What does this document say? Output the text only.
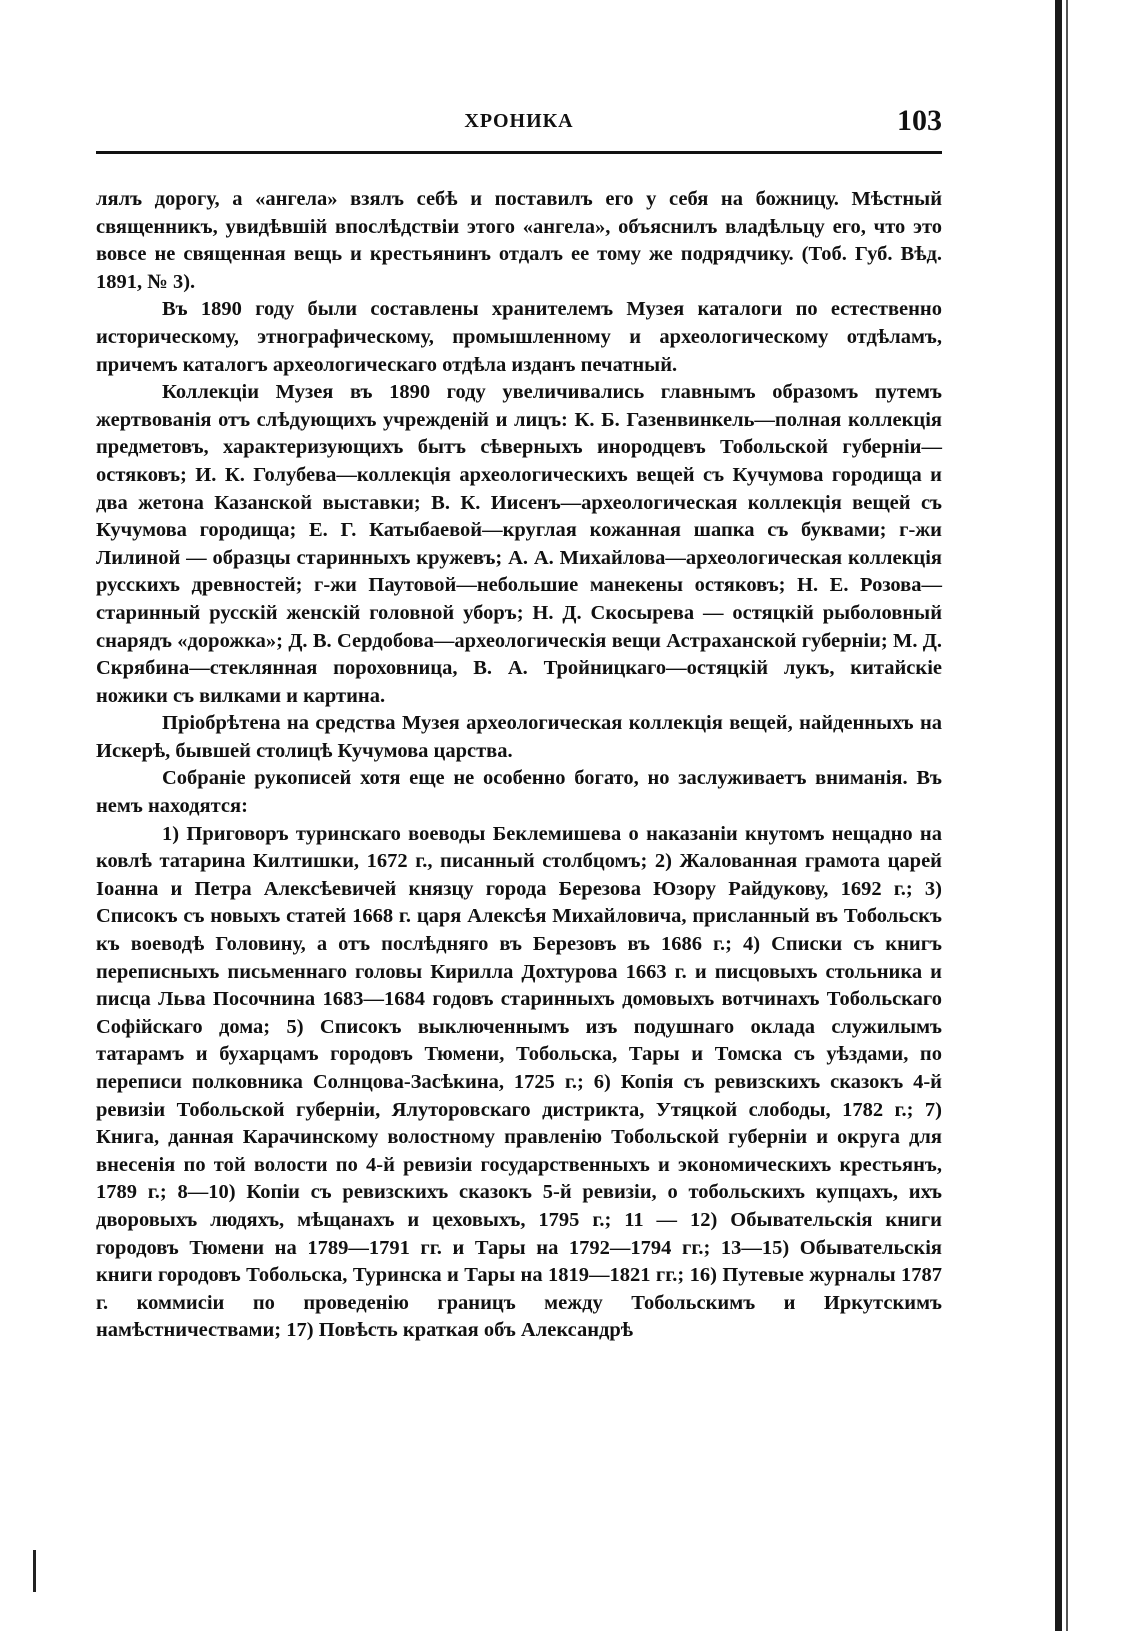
ХРОНИКА	103

лялъ дорогу, а «ангела» взялъ себѣ и поставилъ его у себя на божницу. Мѣстный священникъ, увидѣвшій впослѣдствіи этого «ангела», объяснилъ владѣльцу его, что это вовсе не священная вещь и крестьянинъ отдалъ ее тому же подрядчику. (Тоб. Губ. Вѣд. 1891, № 3).

Въ 1890 году были составлены хранителемъ Музея каталоги по естественно историческому, этнографическому, промышленному и археологическому отдѣламъ, причемъ каталогъ археологическаго отдѣла изданъ печатный.

Коллекціи Музея въ 1890 году увеличивались главнымъ образомъ путемъ жертвованія отъ слѣдующихъ учрежденій и лицъ: К. Б. Газенвинкель—полная коллекція предметовъ, характеризующихъ бытъ сѣверныхъ инородцевъ Тобольской губерніи—остяковъ; И. К. Голубева—коллекція археологическихъ вещей съ Кучумова городища и два жетона Казанской выставки; В. К. Иисенъ—археологическая коллекція вещей съ Кучумова городища; Е. Г. Катыбаевой—круглая кожанная шапка съ буквами; г-жи Лилиной — образцы старинныхъ кружевъ; А. А. Михайлова—археологическая коллекція русскихъ древностей; г-жи Паутовой—небольшие манекены остяковъ; Н. Е. Розова—старинный русскій женскій головной уборъ; Н. Д. Скосырева — остяцкій рыболовный снарядъ «дорожка»; Д. В. Сердобова—археологическія вещи Астраханской губерніи; М. Д. Скрябина—стеклянная пороховница, В. А. Тройницкаго—остяцкій лукъ, китайскіе ножики съ вилками и картина.

Пріобрѣтена на средства Музея археологическая коллекція вещей, найденныхъ на Искерѣ, бывшей столицѣ Кучумова царства.

Собраніе рукописей хотя еще не особенно богато, но заслуживаетъ вниманія. Въ немъ находятся:

1) Приговоръ туринскаго воеводы Беклемишева о наказаніи кнутомъ нещадно на ковлѣ татарина Килтишки, 1672 г., писанный столбцомъ; 2) Жалованная грамота царей Іоанна и Петра Алексѣевичей князцу города Березова Юзору Райдукову, 1692 г.; 3) Списокъ съ новыхъ статей 1668 г. царя Алексѣя Михайловича, присланный въ Тобольскъ къ воеводѣ Головину, а отъ послѣдняго въ Березовъ въ 1686 г.; 4) Списки съ книгъ переписныхъ письменнаго головы Кирилла Дохтурова 1663 г. и писцовыхъ стольника и писца Льва Посочнина 1683—1684 годовъ старинныхъ домовыхъ вотчинахъ Тобольскаго Софійскаго дома; 5) Списокъ выключеннымъ изъ подушнаго оклада служилымъ татарамъ и бухарцамъ городовъ Тюмени, Тобольска, Тары и Томска съ уѣздами, по переписи полковника Солнцова-Засѣкина, 1725 г.; 6) Копія съ ревизскихъ сказокъ 4-й ревизіи Тобольской губерніи, Ялуторовскаго дистрикта, Утяцкой слободы, 1782 г.; 7) Книга, данная Карачинскому волостному правленію Тобольской губерніи и округа для внесенія по той волости по 4-й ревизіи государственныхъ и экономическихъ крестьянъ, 1789 г.; 8—10) Копіи съ ревизскихъ сказокъ 5-й ревизіи, о тобольскихъ купцахъ, ихъ дворовыхъ людяхъ, мѣщанахъ и цеховыхъ, 1795 г.; 11 — 12) Обывательскія книги городовъ Тюмени на 1789—1791 гг. и Тары на 1792—1794 гг.; 13—15) Обывательскія книги городовъ Тобольска, Туринска и Тары на 1819—1821 гг.; 16) Путевые журналы 1787 г. коммисіи по проведенію границъ между Тобольскимъ и Иркутскимъ намѣстничествами; 17) Повѣсть краткая объ Александрѣ
